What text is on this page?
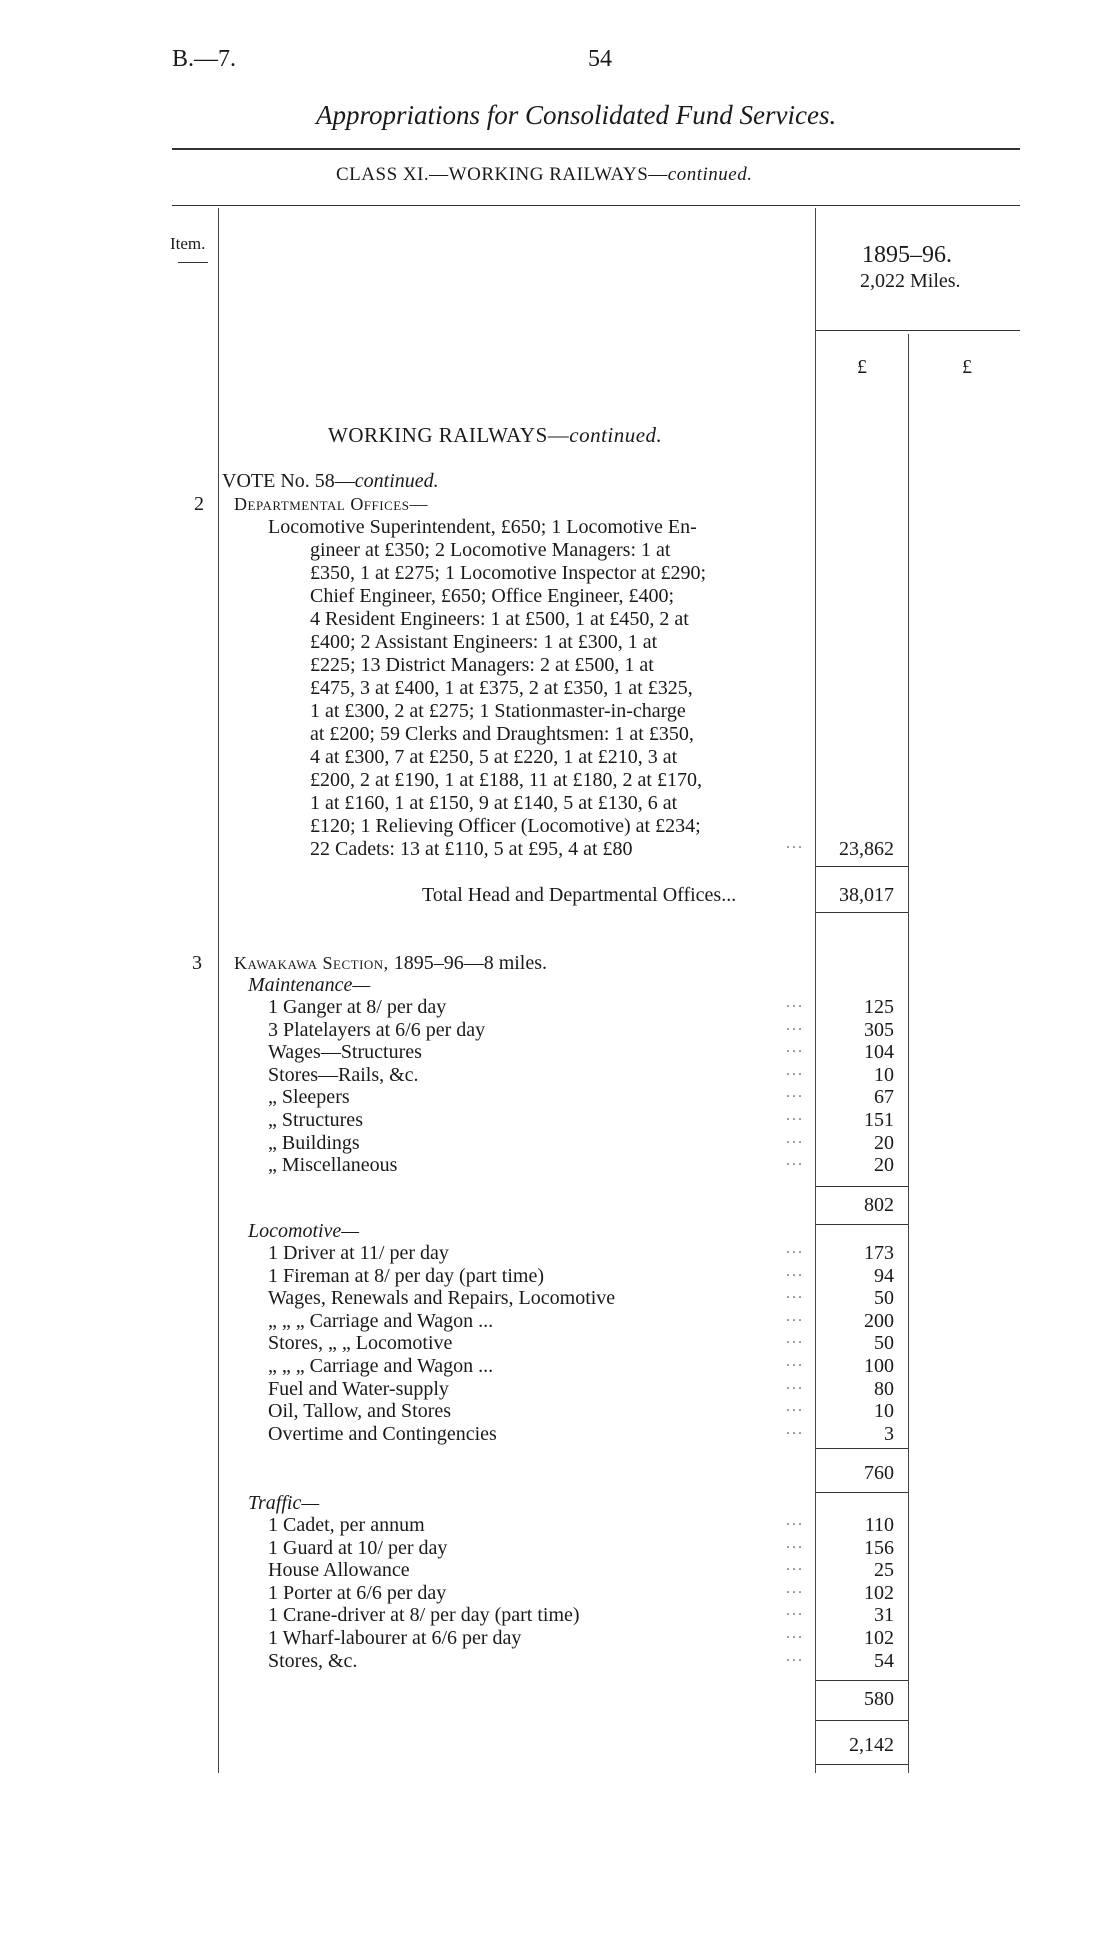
B.—7.	54
Appropriations for Consolidated Fund Services.
CLASS XI.—WORKING RAILWAYS—continued.
Item.	1895–96.
2,022 Miles.
£	£
WORKING RAILWAYS—continued.
VOTE No. 58—continued.
2 Departmental Offices—
Locomotive Superintendent, £650; 1 Locomotive En-
gineer at £350; 2 Locomotive Managers: 1 at
£350, 1 at £275; 1 Locomotive Inspector at £290;
Chief Engineer, £650; Office Engineer, £400;
4 Resident Engineers: 1 at £500, 1 at £450, 2 at
£400; 2 Assistant Engineers: 1 at £300, 1 at
£225; 13 District Managers: 2 at £500, 1 at
£475, 3 at £400, 1 at £375, 2 at £350, 1 at £325,
1 at £300, 2 at £275; 1 Stationmaster-in-charge
at £200; 59 Clerks and Draughtsmen: 1 at £350,
4 at £300, 7 at £250, 5 at £220, 1 at £210, 3 at
£200, 2 at £190, 1 at £188, 11 at £180, 2 at £170,
1 at £160, 1 at £150, 9 at £140, 5 at £130, 6 at
£120; 1 Relieving Officer (Locomotive) at £234;
22 Cadets: 13 at £110, 5 at £95, 4 at £80	...	23,862
Total Head and Departmental Offices...	38,017
3 Kawakawa Section, 1895–96—8 miles.
Maintenance—
1 Ganger at 8/ per day	...	125
3 Platelayers at 6/6 per day	...	305
Wages—Structures	...	104
Stores—Rails, &c.	...	10
„ Sleepers	...	67
„ Structures	...	151
„ Buildings	...	20
„ Miscellaneous	...	20
802
Locomotive—
1 Driver at 11/ per day	...	173
1 Fireman at 8/ per day (part time)	...	94
Wages, Renewals and Repairs, Locomotive	...	50
„ „ „ Carriage and Wagon ...	...	200
Stores, „ „ Locomotive	...	50
„ „ „ Carriage and Wagon ...	...	100
Fuel and Water-supply	...	80
Oil, Tallow, and Stores	...	10
Overtime and Contingencies	...	3
760
Traffic—
1 Cadet, per annum	...	110
1 Guard at 10/ per day	...	156
House Allowance	...	25
1 Porter at 6/6 per day	...	102
1 Crane-driver at 8/ per day (part time)	...	31
1 Wharf-labourer at 6/6 per day	...	102
Stores, &c.	...	54
580
2,142
